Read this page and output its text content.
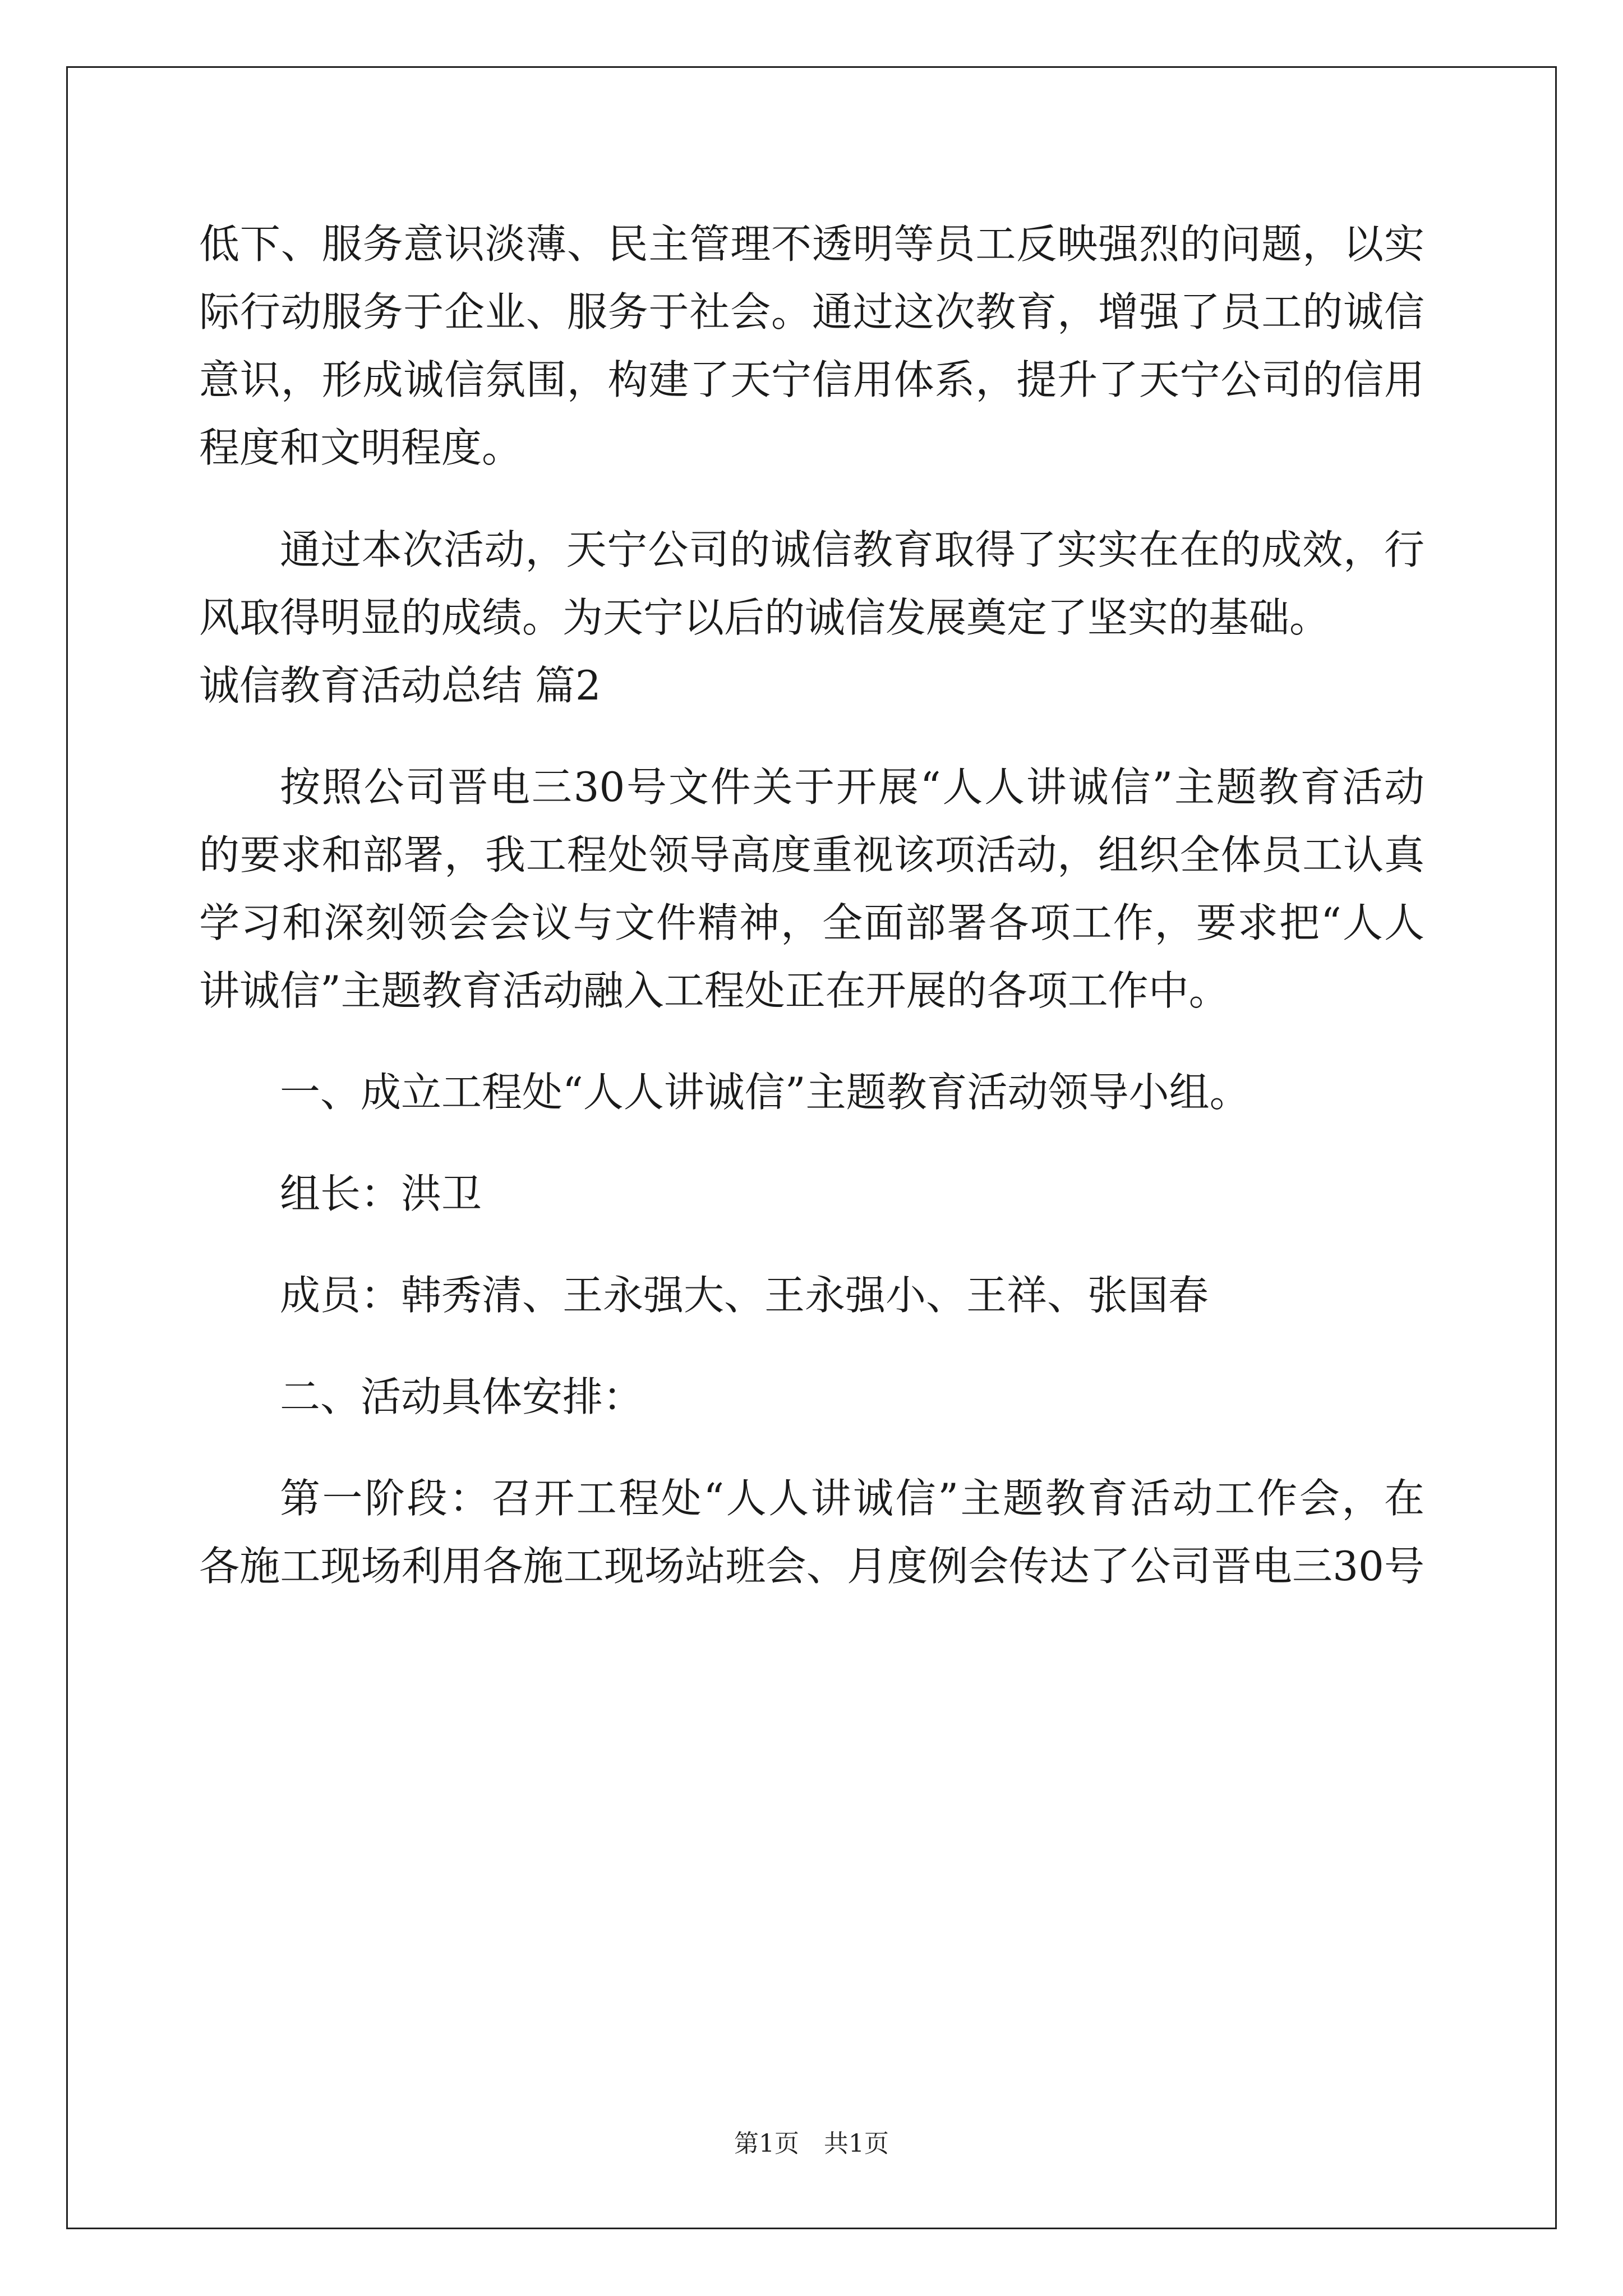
低下、服务意识淡薄、民主管理不透明等员工反映强烈的问题，以实
际行动服务于企业、服务于社会。通过这次教育，增强了员工的诚信
意识，形成诚信氛围，构建了天宁信用体系，提升了天宁公司的信用
程度和文明程度。
通过本次活动，天宁公司的诚信教育取得了实实在在的成效，行
风取得明显的成绩。为天宁以后的诚信发展奠定了坚实的基础。
诚信教育活动总结 篇2
按照公司晋电三30号文件关于开展“人人讲诚信”主题教育活动
的要求和部署，我工程处领导高度重视该项活动，组织全体员工认真
学习和深刻领会会议与文件精神，全面部署各项工作，要求把“人人
讲诚信”主题教育活动融入工程处正在开展的各项工作中。
一、成立工程处“人人讲诚信”主题教育活动领导小组。
组长：洪卫
成员：韩秀清、王永强大、王永强小、王祥、张国春
二、活动具体安排：
第一阶段：召开工程处“人人讲诚信”主题教育活动工作会，在
各施工现场利用各施工现场站班会、月度例会传达了公司晋电三30号
第1页　共1页
